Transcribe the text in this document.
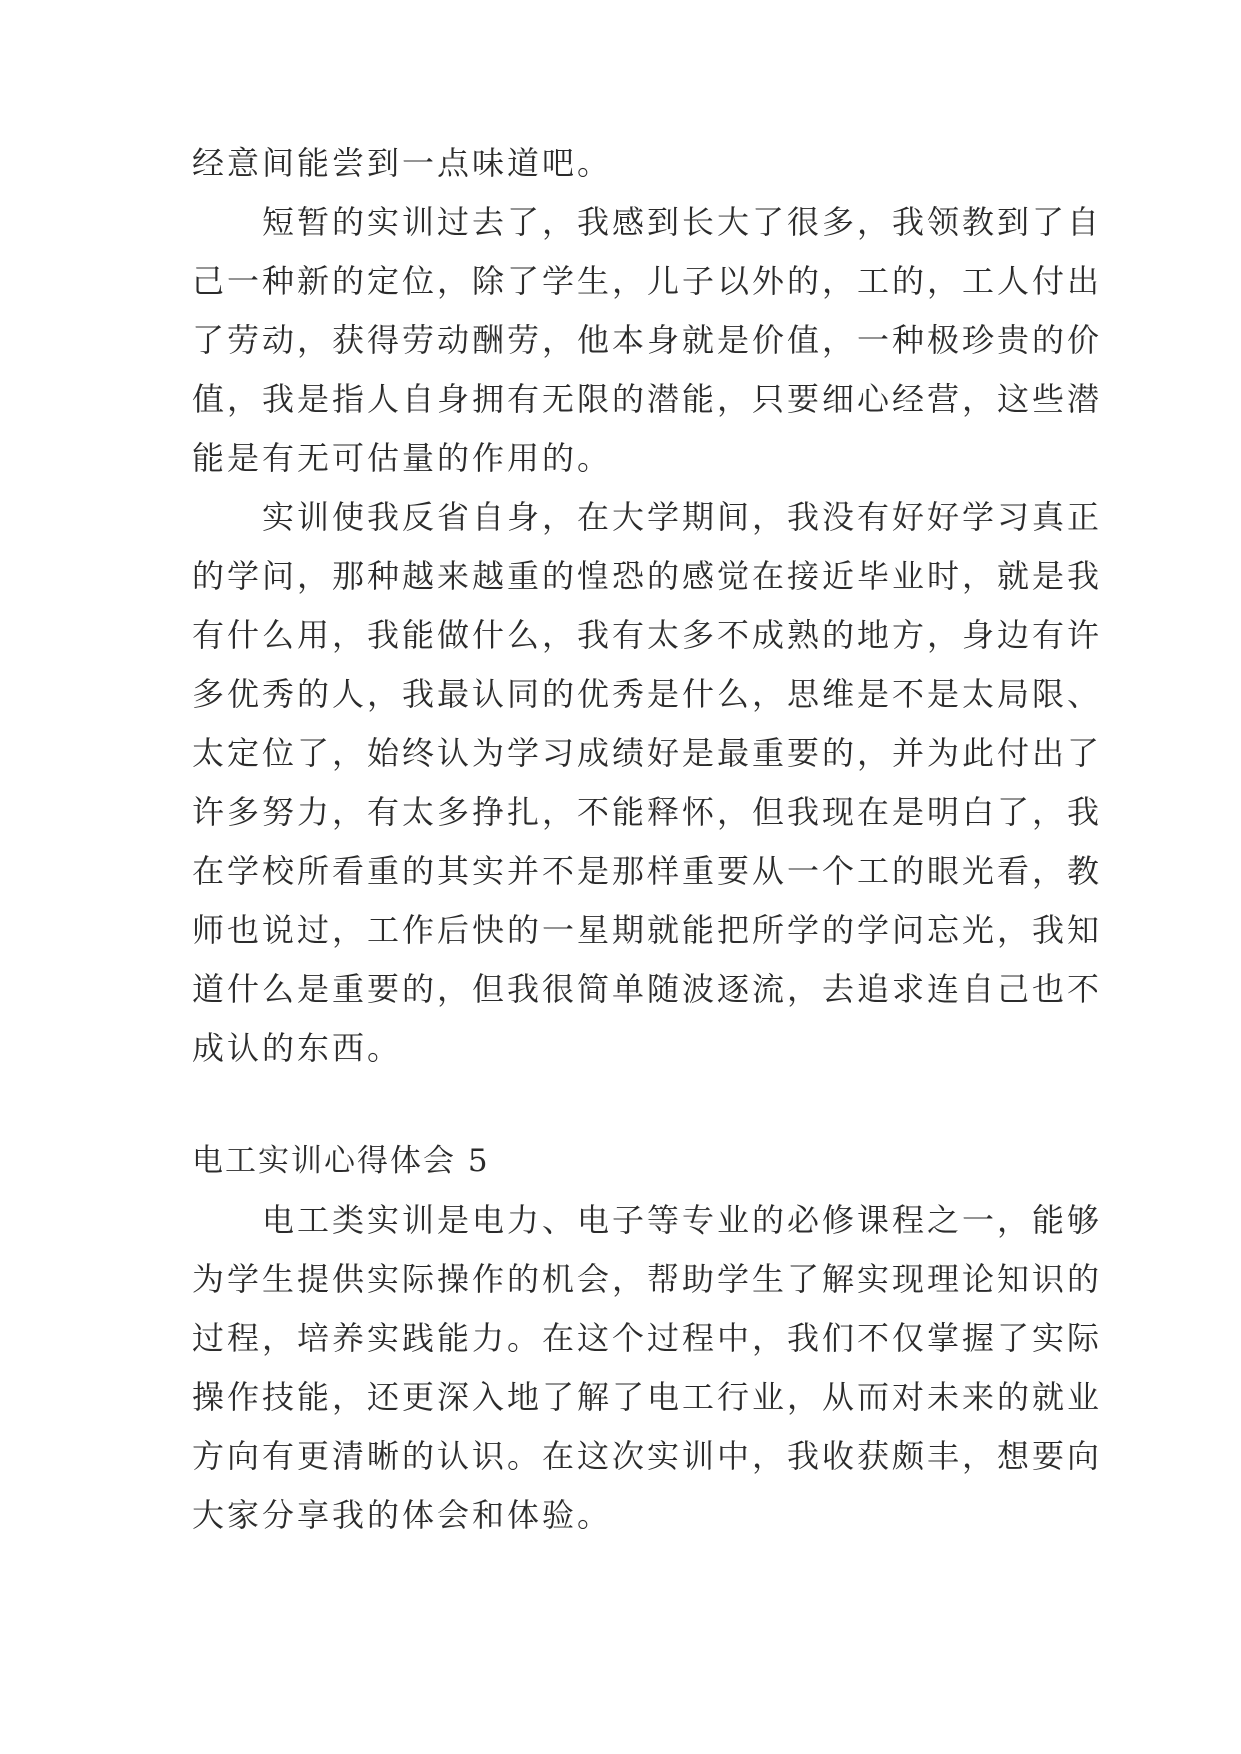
经意间能尝到一点味道吧。
短暂的实训过去了，我感到长大了很多，我领教到了自
己一种新的定位，除了学生，儿子以外的，工的，工人付出
了劳动，获得劳动酬劳，他本身就是价值，一种极珍贵的价
值，我是指人自身拥有无限的潜能，只要细心经营，这些潜
能是有无可估量的作用的。
实训使我反省自身，在大学期间，我没有好好学习真正
的学问，那种越来越重的惶恐的感觉在接近毕业时，就是我
有什么用，我能做什么，我有太多不成熟的地方，身边有许
多优秀的人，我最认同的优秀是什么，思维是不是太局限、
太定位了，始终认为学习成绩好是最重要的，并为此付出了
许多努力，有太多挣扎，不能释怀，但我现在是明白了，我
在学校所看重的其实并不是那样重要从一个工的眼光看，教
师也说过，工作后快的一星期就能把所学的学问忘光，我知
道什么是重要的，但我很简单随波逐流，去追求连自己也不
成认的东西。
电工实训心得体会 5
电工类实训是电力、电子等专业的必修课程之一，能够
为学生提供实际操作的机会，帮助学生了解实现理论知识的
过程，培养实践能力。在这个过程中，我们不仅掌握了实际
操作技能，还更深入地了解了电工行业，从而对未来的就业
方向有更清晰的认识。在这次实训中，我收获颇丰，想要向
大家分享我的体会和体验。
